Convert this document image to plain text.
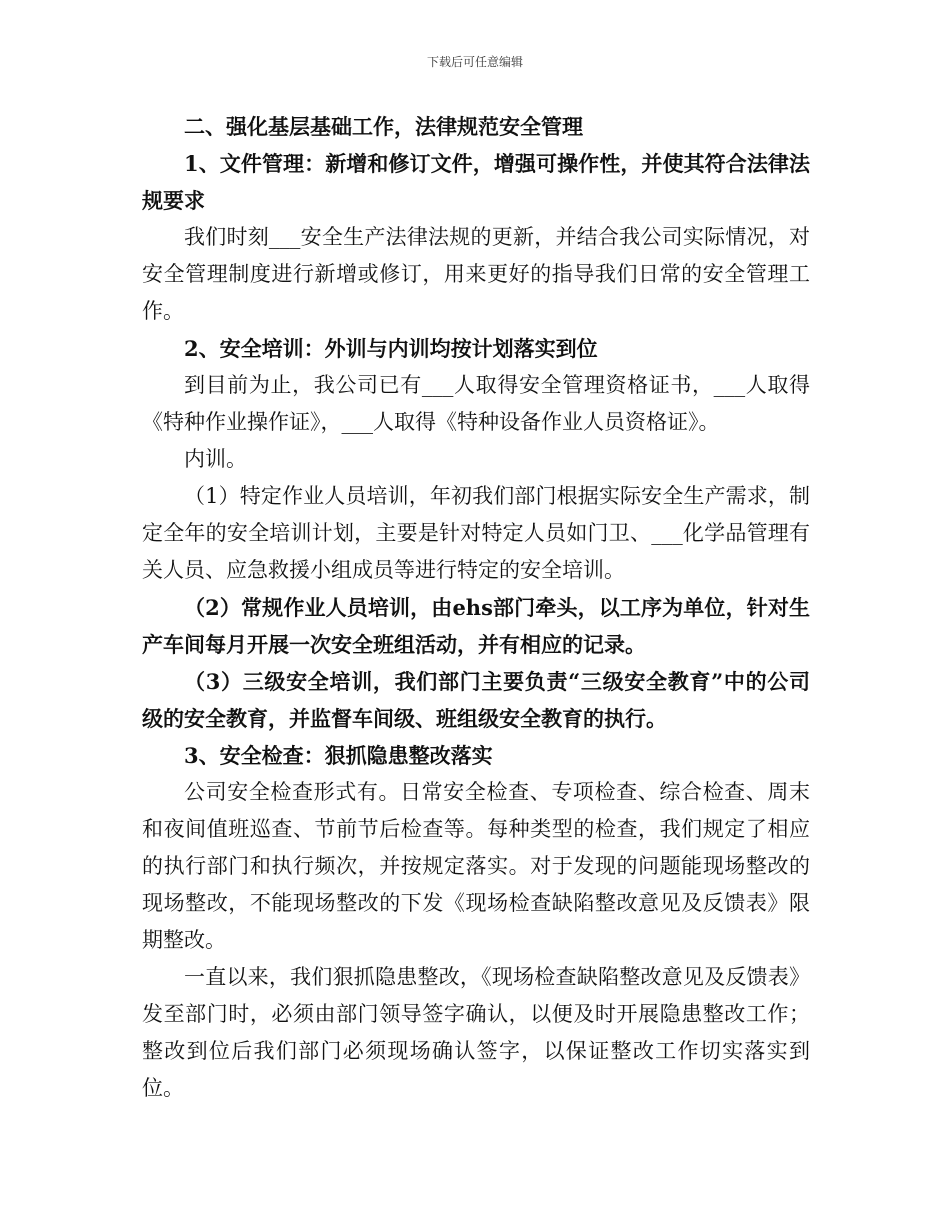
下载后可任意编辑

二、强化基层基础工作，法律规范安全管理

1、文件管理：新增和修订文件，增强可操作性，并使其符合法律法规要求

我们时刻___安全生产法律法规的更新，并结合我公司实际情况，对安全管理制度进行新增或修订，用来更好的指导我们日常的安全管理工作。

2、安全培训：外训与内训均按计划落实到位

到目前为止，我公司已有___人取得安全管理资格证书，___人取得《特种作业操作证》，___人取得《特种设备作业人员资格证》。

内训。

（1）特定作业人员培训，年初我们部门根据实际安全生产需求，制定全年的安全培训计划，主要是针对特定人员如门卫、___化学品管理有关人员、应急救援小组成员等进行特定的安全培训。

（2）常规作业人员培训，由ehs部门牵头，以工序为单位，针对生产车间每月开展一次安全班组活动，并有相应的记录。

（3）三级安全培训，我们部门主要负责“三级安全教育”中的公司级的安全教育，并监督车间级、班组级安全教育的执行。

3、安全检查：狠抓隐患整改落实

公司安全检查形式有。日常安全检查、专项检查、综合检查、周末和夜间值班巡查、节前节后检查等。每种类型的检查，我们规定了相应的执行部门和执行频次，并按规定落实。对于发现的问题能现场整改的现场整改，不能现场整改的下发《现场检查缺陷整改意见及反馈表》限期整改。

一直以来，我们狠抓隐患整改，《现场检查缺陷整改意见及反馈表》发至部门时，必须由部门领导签字确认，以便及时开展隐患整改工作；整改到位后我们部门必须现场确认签字，以保证整改工作切实落实到位。
